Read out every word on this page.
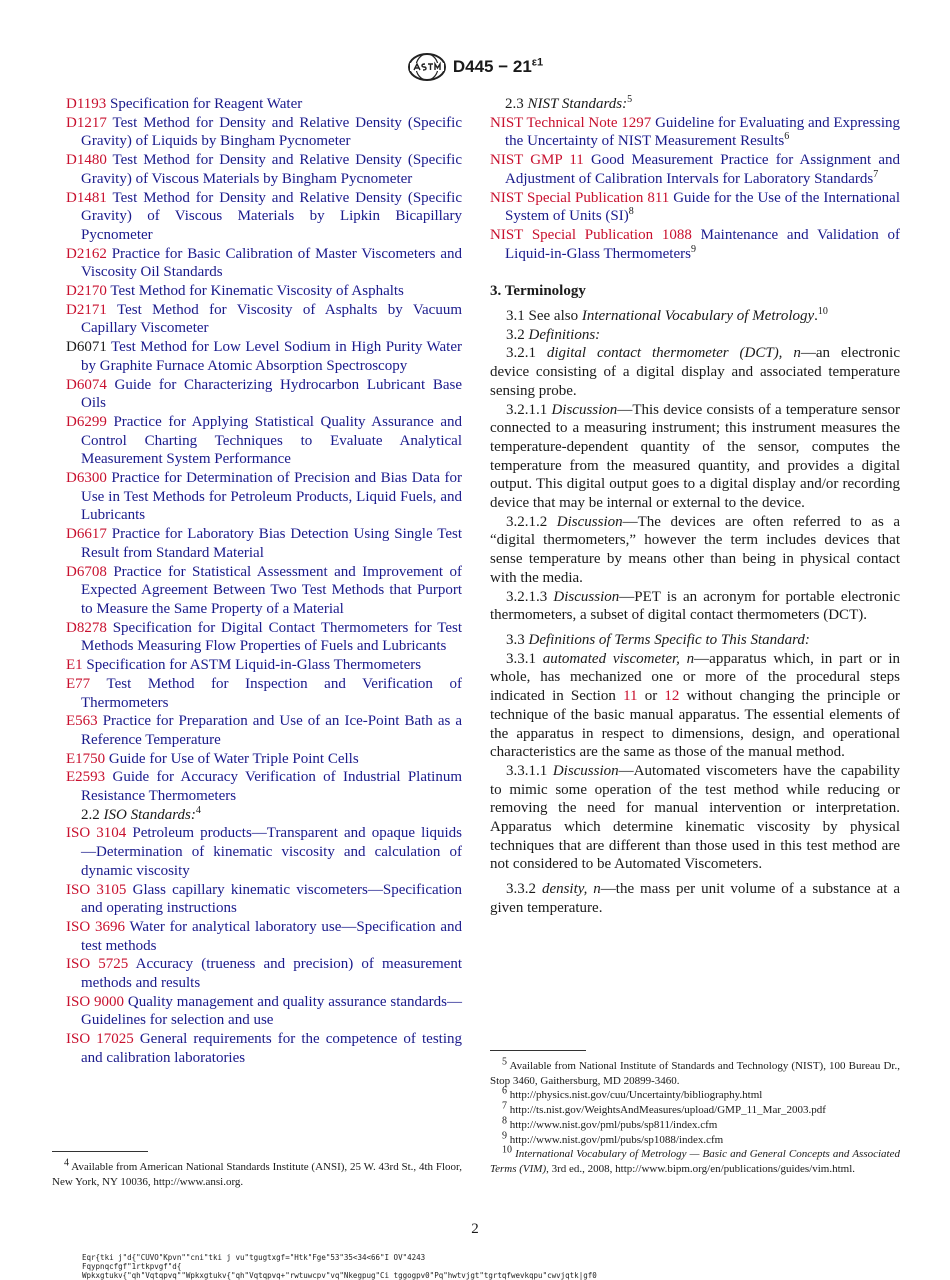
$D445 - 21^{\varepsilon 1}$

D1193 Specification for Reagent Water

D1217 Test Method for Density and Relative Density (Specific Gravity) of Liquids by Bingham Pycnometer

D1480 Test Method for Density and Relative Density (Specific Gravity) of Viscous Materials by Bingham Pycnometer

D1481 Test Method for Density and Relative Density (Specific Gravity) of Viscous Materials by Lipkin Bicapillary Pycnometer

D2162 Practice for Basic Calibration of Master Viscometers and Viscosity Oil Standards

D2170 Test Method for Kinematic Viscosity of Asphalts

D2171 Test Method for Viscosity of Asphalts by Vacuum Capillary Viscometer

D6071 Test Method for Low Level Sodium in High Purity Water by Graphite Furnace Atomic Absorption Spectroscopy

D6074 Guide for Characterizing Hydrocarbon Lubricant Base Oils

D6299 Practice for Applying Statistical Quality Assurance and Control Charting Techniques to Evaluate Analytical Measurement System Performance

D6300 Practice for Determination of Precision and Bias Data for Use in Test Methods for Petroleum Products, Liquid Fuels, and Lubricants

D6617 Practice for Laboratory Bias Detection Using Single Test Result from Standard Material

D6708 Practice for Statistical Assessment and Improvement of Expected Agreement Between Two Test Methods that Purport to Measure the Same Property of a Material

D8278 Specification for Digital Contact Thermometers for Test Methods Measuring Flow Properties of Fuels and Lubricants

E1 Specification for ASTM Liquid-in-Glass Thermometers

E77 Test Method for Inspection and Verification of Thermometers

E563 Practice for Preparation and Use of an Ice-Point Bath as a Reference Temperature

E1750 Guide for Use of Water Triple Point Cells

E2593 Guide for Accuracy Verification of Industrial Platinum Resistance Thermometers

2.2 ISO Standards:$^4$

ISO 3104 Petroleum products—Transparent and opaque liquids—Determination of kinematic viscosity and calculation of dynamic viscosity

ISO 3105 Glass capillary kinematic viscometers—Specification and operating instructions

ISO 3696 Water for analytical laboratory use—Specification and test methods

ISO 5725 Accuracy (trueness and precision) of measurement methods and results

ISO 9000 Quality management and quality assurance standards—Guidelines for selection and use

ISO 17025 General requirements for the competence of testing and calibration laboratories

2.3 NIST Standards:$^5$

NIST Technical Note 1297 Guideline for Evaluating and Expressing the Uncertainty of NIST Measurement Results$^6$

NIST GMP 11 Good Measurement Practice for Assignment and Adjustment of Calibration Intervals for Laboratory Standards$^7$

NIST Special Publication 811 Guide for the Use of the International System of Units (SI)$^8$

NIST Special Publication 1088 Maintenance and Validation of Liquid-in-Glass Thermometers$^9$

3. Terminology

3.1 See also International Vocabulary of Metrology.$^{10}$

3.2 Definitions:

3.2.1 digital contact thermometer (DCT), n—an electronic device consisting of a digital display and associated temperature sensing probe.

3.2.1.1 Discussion—This device consists of a temperature sensor connected to a measuring instrument; this instrument measures the temperature-dependent quantity of the sensor, computes the temperature from the measured quantity, and provides a digital output. This digital output goes to a digital display and/or recording device that may be internal or external to the device.

3.2.1.2 Discussion—The devices are often referred to as a “digital thermometers,” however the term includes devices that sense temperature by means other than being in physical contact with the media.

3.2.1.3 Discussion—PET is an acronym for portable electronic thermometers, a subset of digital contact thermometers (DCT).

3.3 Definitions of Terms Specific to This Standard:

3.3.1 automated viscometer, n—apparatus which, in part or in whole, has mechanized one or more of the procedural steps indicated in Section 11 or 12 without changing the principle or technique of the basic manual apparatus. The essential elements of the apparatus in respect to dimensions, design, and operational characteristics are the same as those of the manual method.

3.3.1.1 Discussion—Automated viscometers have the capability to mimic some operation of the test method while reducing or removing the need for manual intervention or interpretation. Apparatus which determine kinematic viscosity by physical techniques that are different than those used in this test method are not considered to be Automated Viscometers.

3.3.2 density, n—the mass per unit volume of a substance at a given temperature.

$^4$ Available from American National Standards Institute (ANSI), 25 W. 43rd St., 4th Floor, New York, NY 10036, http://www.ansi.org.

$^5$ Available from National Institute of Standards and Technology (NIST), 100 Bureau Dr., Stop 3460, Gaithersburg, MD 20899-3460.

$^6$ http://physics.nist.gov/cuu/Uncertainty/bibliography.html

$^7$ http://ts.nist.gov/WeightsAndMeasures/upload/GMP_11_Mar_2003.pdf

$^8$ http://www.nist.gov/pml/pubs/sp811/index.cfm

$^9$ http://www.nist.gov/pml/pubs/sp1088/index.cfm

$^{10}$ International Vocabulary of Metrology — Basic and General Concepts and Associated Terms (VIM), 3rd ed., 2008, http://www.bipm.org/en/publications/guides/vim.html.

2
Eqr{tki j"d{"CUVO"Kpvn""cni"tki j vu"tgugtxgf="Htk"Fge"53"35<34<66"I OV"4243
Fqypnqcfgf"1rtkpvgf"d{
Wpkxgtukv{"qh"Vqtqpvq""Wpkxgtukv{"qh"Vqtqpvq+"rwtuwcpv"vq"Nkegpug"Ci tggogpv0"Pq"hwtvjgt"tgrtqfwevkqpu"cwvjqtk|gf0
